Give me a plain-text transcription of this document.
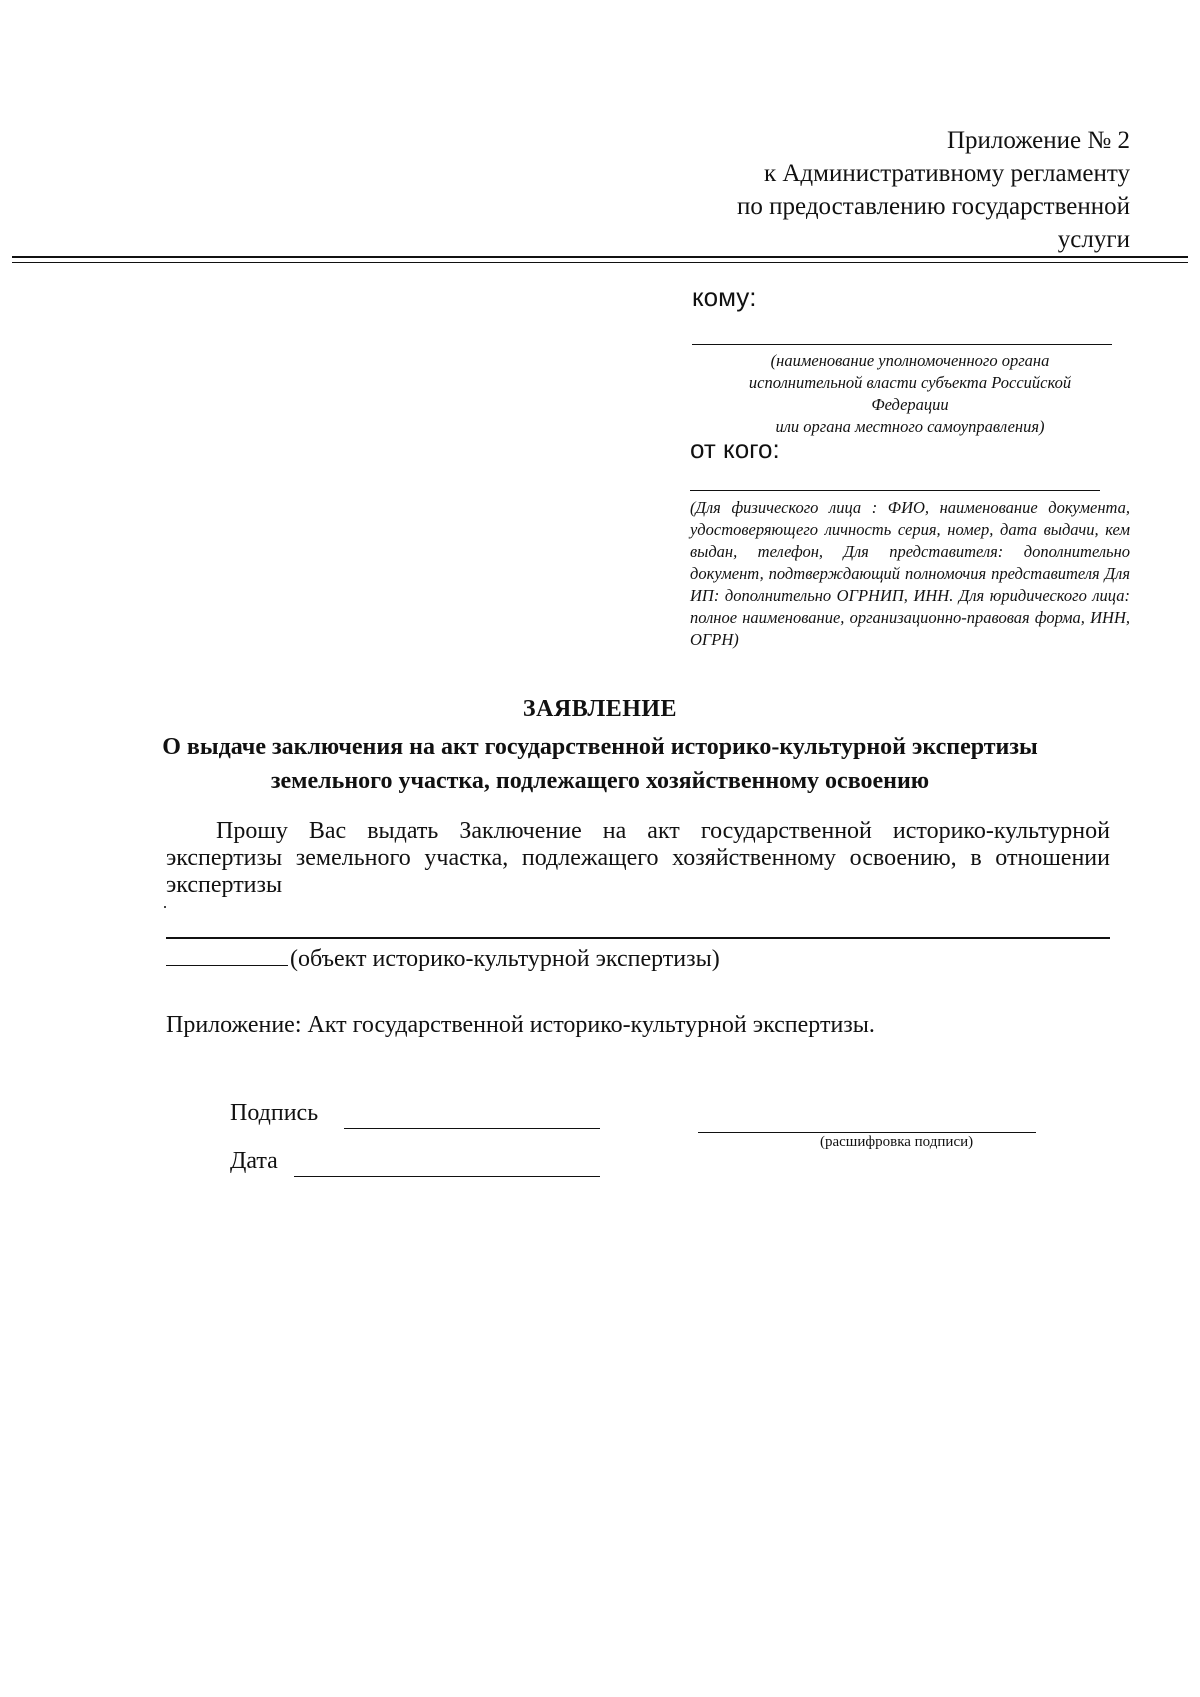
Приложение № 2
к Административному регламенту
по предоставлению государственной
услуги
кому:
(наименование уполномоченного органа
исполнительной власти субъекта Российской
Федерации
или органа местного самоуправления)
от кого:
(Для физического лица : ФИО, наименование документа, удостоверяющего личность серия, номер, дата выдачи, кем выдан, телефон, Для представителя: дополнительно документ, подтверждающий полномочия представителя Для ИП: дополнительно ОГРНИП, ИНН. Для юридического лица: полное наименование, организационно-правовая форма, ИНН, ОГРН)
ЗАЯВЛЕНИЕ
О выдаче заключения на акт государственной историко-культурной экспертизы земельного участка, подлежащего хозяйственному освоению
Прошу Вас выдать Заключение на акт государственной историко-культурной экспертизы земельного участка, подлежащего хозяйственному освоению, в отношении экспертизы
(объект историко-культурной экспертизы)
Приложение: Акт государственной историко-культурной экспертизы.
Подпись
(расшифровка подписи)
Дата
